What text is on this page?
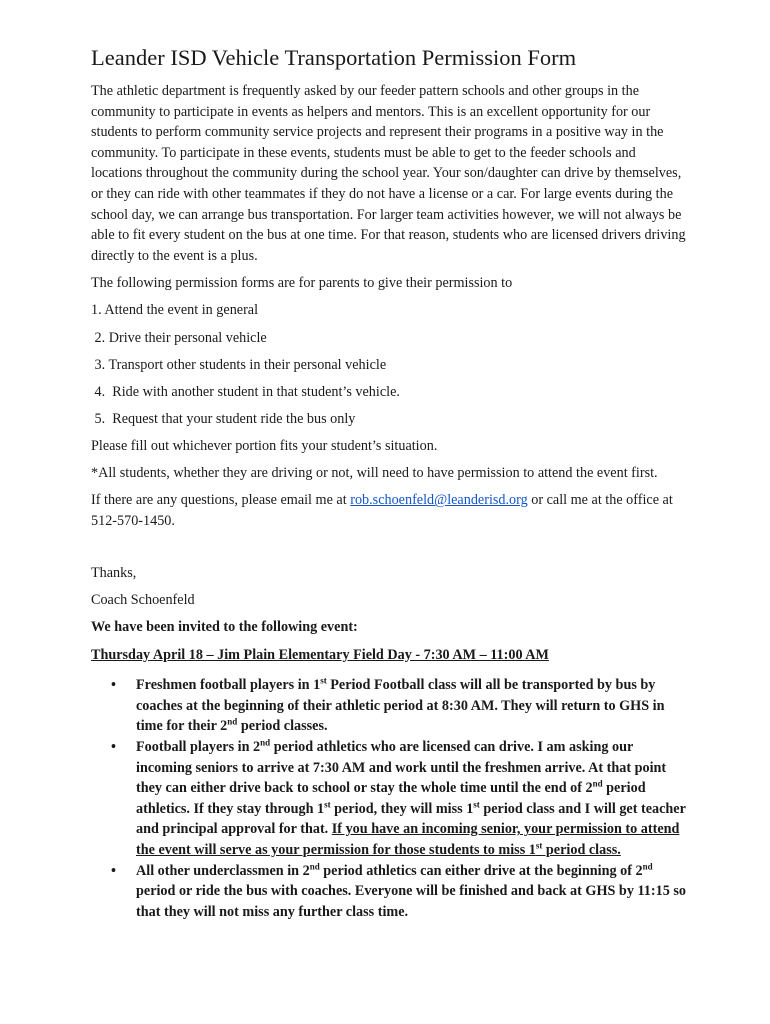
Leander ISD Vehicle Transportation Permission Form

The athletic department is frequently asked by our feeder pattern schools and other groups in the community to participate in events as helpers and mentors. This is an excellent opportunity for our students to perform community service projects and represent their programs in a positive way in the community. To participate in these events, students must be able to get to the feeder schools and locations throughout the community during the school year. Your son/daughter can drive by themselves, or they can ride with other teammates if they do not have a license or a car. For large events during the school day, we can arrange bus transportation. For larger team activities however, we will not always be able to fit every student on the bus at one time. For that reason, students who are licensed drivers driving directly to the event is a plus.

The following permission forms are for parents to give their permission to

1. Attend the event in general

2. Drive their personal vehicle

3. Transport other students in their personal vehicle

4.  Ride with another student in that student’s vehicle.

5.  Request that your student ride the bus only

Please fill out whichever portion fits your student’s situation.

*All students, whether they are driving or not, will need to have permission to attend the event first.

If there are any questions, please email me at rob.schoenfeld@leanderisd.org or call me at the office at 512-570-1450.

Thanks,

Coach Schoenfeld

We have been invited to the following event:

Thursday April 18 – Jim Plain Elementary Field Day - 7:30 AM – 11:00 AM

• Freshmen football players in 1st Period Football class will all be transported by bus by coaches at the beginning of their athletic period at 8:30 AM. They will return to GHS in time for their 2nd period classes.
• Football players in 2nd period athletics who are licensed can drive. I am asking our incoming seniors to arrive at 7:30 AM and work until the freshmen arrive. At that point they can either drive back to school or stay the whole time until the end of 2nd period athletics. If they stay through 1st period, they will miss 1st period class and I will get teacher and principal approval for that. If you have an incoming senior, your permission to attend the event will serve as your permission for those students to miss 1st period class.
• All other underclassmen in 2nd period athletics can either drive at the beginning of 2nd period or ride the bus with coaches. Everyone will be finished and back at GHS by 11:15 so that they will not miss any further class time.
